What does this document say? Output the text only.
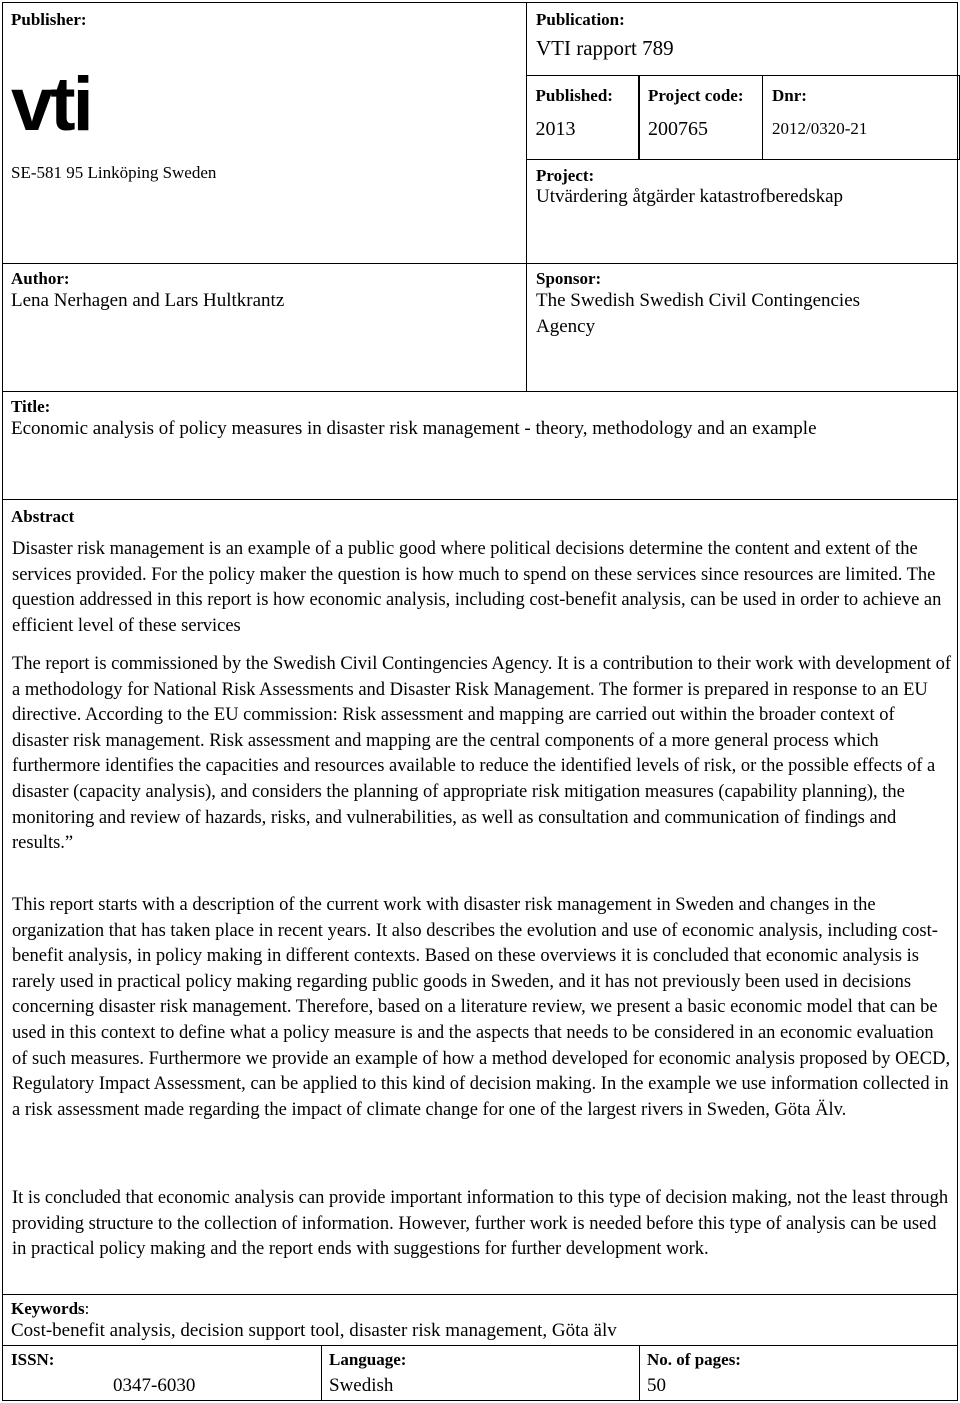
Publisher:
vti
SE-581 95 Linköping Sweden
Publication:
VTI rapport 789
Published:
2013
Project code:
200765
Dnr:
2012/0320-21
Project:
Utvärdering åtgärder katastrofberedskap
Author:
Lena Nerhagen and Lars Hultkrantz
Sponsor:
The Swedish Swedish Civil Contingencies
Agency
Title:
Economic analysis of policy measures in disaster risk management - theory, methodology and an example
Abstract

Disaster risk management is an example of a public good where political decisions determine the content and extent of the services provided. For the policy maker the question is how much to spend on these services since resources are limited. The question addressed in this report is how economic analysis, including cost-benefit analysis, can be used in order to achieve an efficient level of these services

The report is commissioned by the Swedish Civil Contingencies Agency. It is a contribution to their work with development of a methodology for National Risk Assessments and Disaster Risk Management. The former is prepared in response to an EU directive. According to the EU commission: Risk assessment and mapping are carried out within the broader context of disaster risk management. Risk assessment and mapping are the central components of a more general process which furthermore identifies the capacities and resources available to reduce the identified levels of risk, or the possible effects of a disaster (capacity analysis), and considers the planning of appropriate risk mitigation measures (capability planning), the monitoring and review of hazards, risks, and vulnerabilities, as well as consultation and communication of findings and results.”

This report starts with a description of the current work with disaster risk management in Sweden and changes in the organization that has taken place in recent years. It also describes the evolution and use of economic analysis, including cost-benefit analysis, in policy making in different contexts. Based on these overviews it is concluded that economic analysis is rarely used in practical policy making regarding public goods in Sweden, and it has not previously been used in decisions concerning disaster risk management. Therefore, based on a literature review, we present a basic economic model that can be used in this context to define what a policy measure is and the aspects that needs to be considered in an economic evaluation of such measures. Furthermore we provide an example of how a method developed for economic analysis proposed by OECD, Regulatory Impact Assessment, can be applied to this kind of decision making. In the example we use information collected in a risk assessment made regarding the impact of climate change for one of the largest rivers in Sweden, Göta Älv.

It is concluded that economic analysis can provide important information to this type of decision making, not the least through providing structure to the collection of information. However, further work is needed before this type of analysis can be used in practical policy making and the report ends with suggestions for further development work.

Keywords:
Cost-benefit analysis, decision support tool, disaster risk management, Göta älv
ISSN:
0347-6030
Language:
Swedish
No. of pages:
50
